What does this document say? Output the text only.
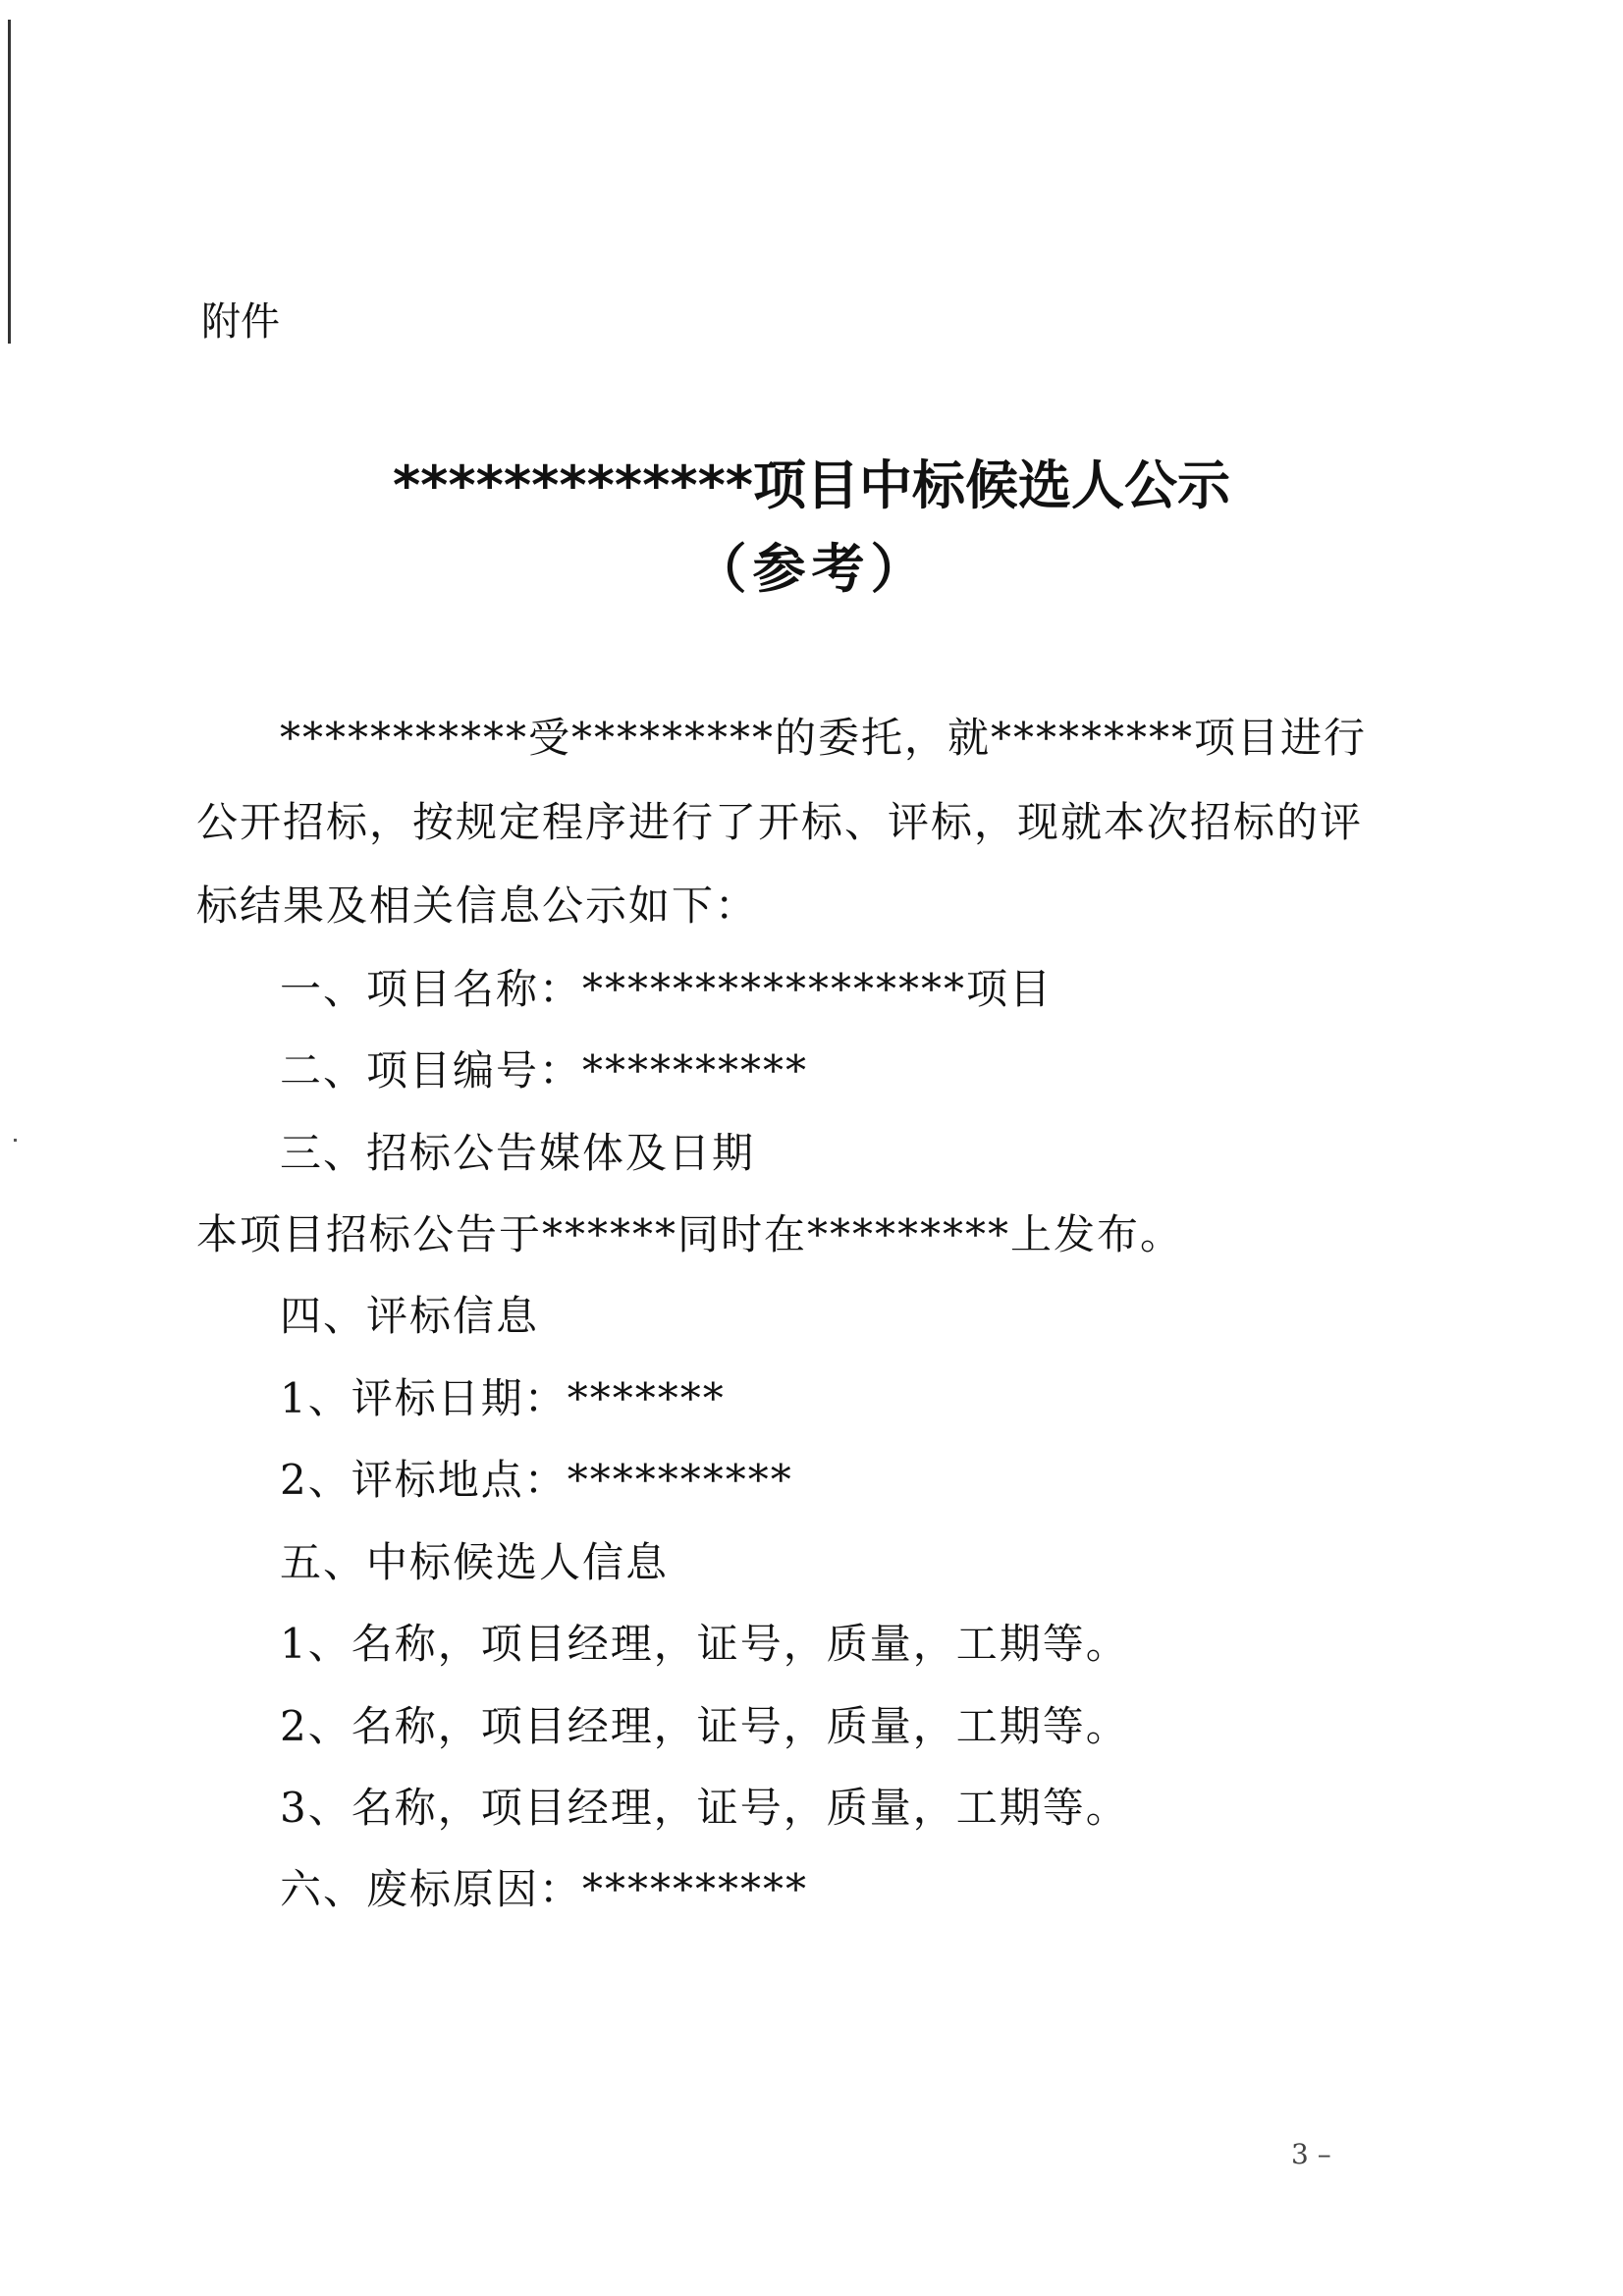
附件
*************项目中标候选人公示
（参考）
***********受*********的委托，就*********项目进行
公开招标，按规定程序进行了开标、评标，现就本次招标的评
标结果及相关信息公示如下：
一、项目名称：*****************项目
二、项目编号：**********
三、招标公告媒体及日期
本项目招标公告于******同时在*********上发布。
四、评标信息
1、评标日期：*******
2、评标地点：**********
五、中标候选人信息
1、名称，项目经理，证号，质量，工期等。
2、名称，项目经理，证号，质量，工期等。
3、名称，项目经理，证号，质量，工期等。
六、废标原因：**********
3 –
